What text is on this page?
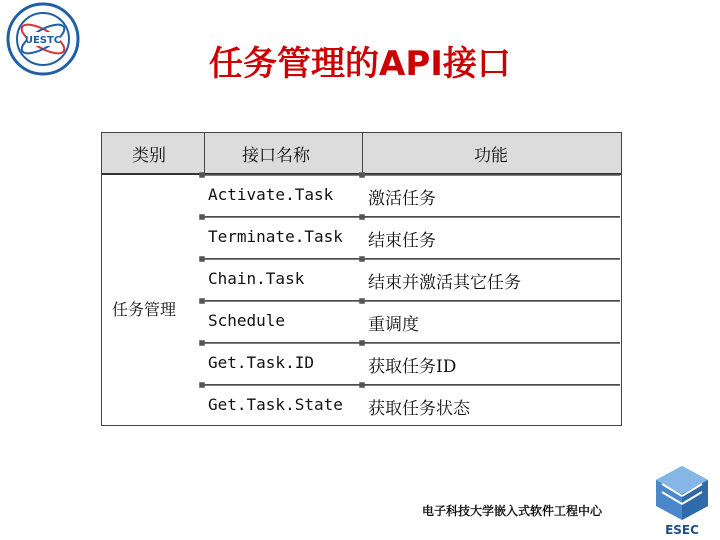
UESTC
任务管理的API接口
类别	接口名称	功能
任务管理
Activate.Task 激活任务
Terminate.Task 结束任务
Chain.Task	结束并激活其它任务
Schedule	重调度
Get.Task.ID	获取任务ID
Get.Task.State 获取任务状态
电子科技大学嵌入式软件工程中心
ESEC
